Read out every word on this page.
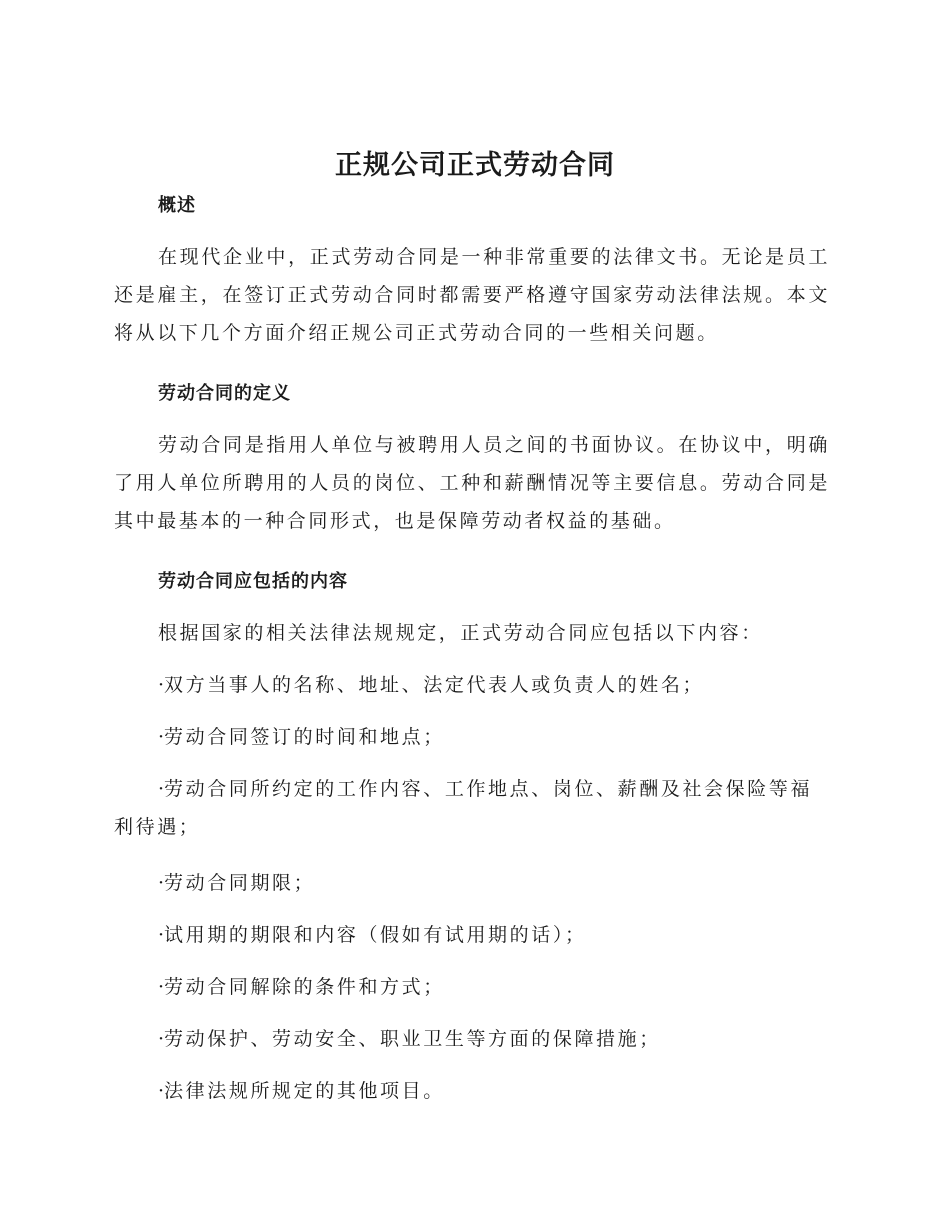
正规公司正式劳动合同
概述

在现代企业中，正式劳动合同是一种非常重要的法律文书。无论是员工还是雇主，在签订正式劳动合同时都需要严格遵守国家劳动法律法规。本文将从以下几个方面介绍正规公司正式劳动合同的一些相关问题。

劳动合同的定义

劳动合同是指用人单位与被聘用人员之间的书面协议。在协议中，明确了用人单位所聘用的人员的岗位、工种和薪酬情况等主要信息。劳动合同是其中最基本的一种合同形式，也是保障劳动者权益的基础。

劳动合同应包括的内容

根据国家的相关法律法规规定，正式劳动合同应包括以下内容：

·双方当事人的名称、地址、法定代表人或负责人的姓名；

·劳动合同签订的时间和地点；

·劳动合同所约定的工作内容、工作地点、岗位、薪酬及社会保险等福利待遇；

·劳动合同期限；

·试用期的期限和内容（假如有试用期的话）；

·劳动合同解除的条件和方式；

·劳动保护、劳动安全、职业卫生等方面的保障措施；

·法律法规所规定的其他项目。
